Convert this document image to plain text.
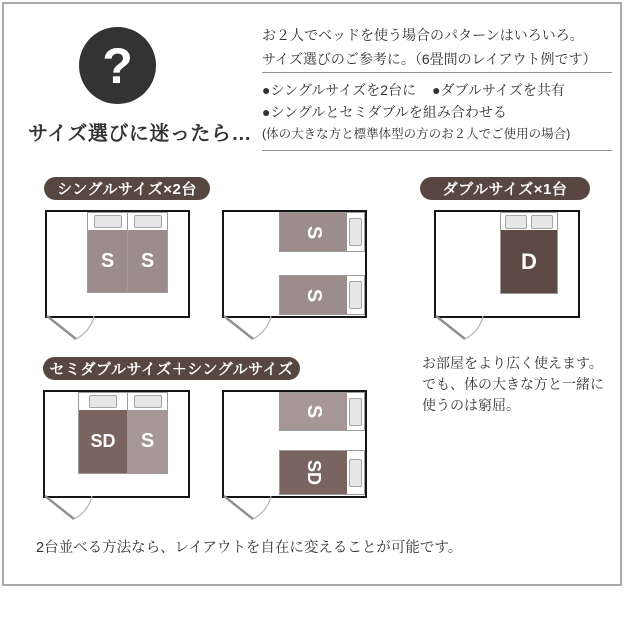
?
サイズ選びに迷ったら…
お２人でベッドを使う場合のパターンはいろいろ。
サイズ選びのご参考に。（6畳間のレイアウト例です）
●シングルサイズを2台に ●ダブルサイズを共有
●シングルとセミダブルを組み合わせる
(体の大きな方と標準体型の方のお２人でご使用の場合)
シングルサイズ×2台	ダブルサイズ×1台
セミダブルサイズ＋シングルサイズ
S S
S
S
D
お部屋をより広く使えます。
でも、体の大きな方と一緒に
使うのは窮屈。
SD S
S
SD
2台並べる方法なら、レイアウトを自在に変えることが可能です。
